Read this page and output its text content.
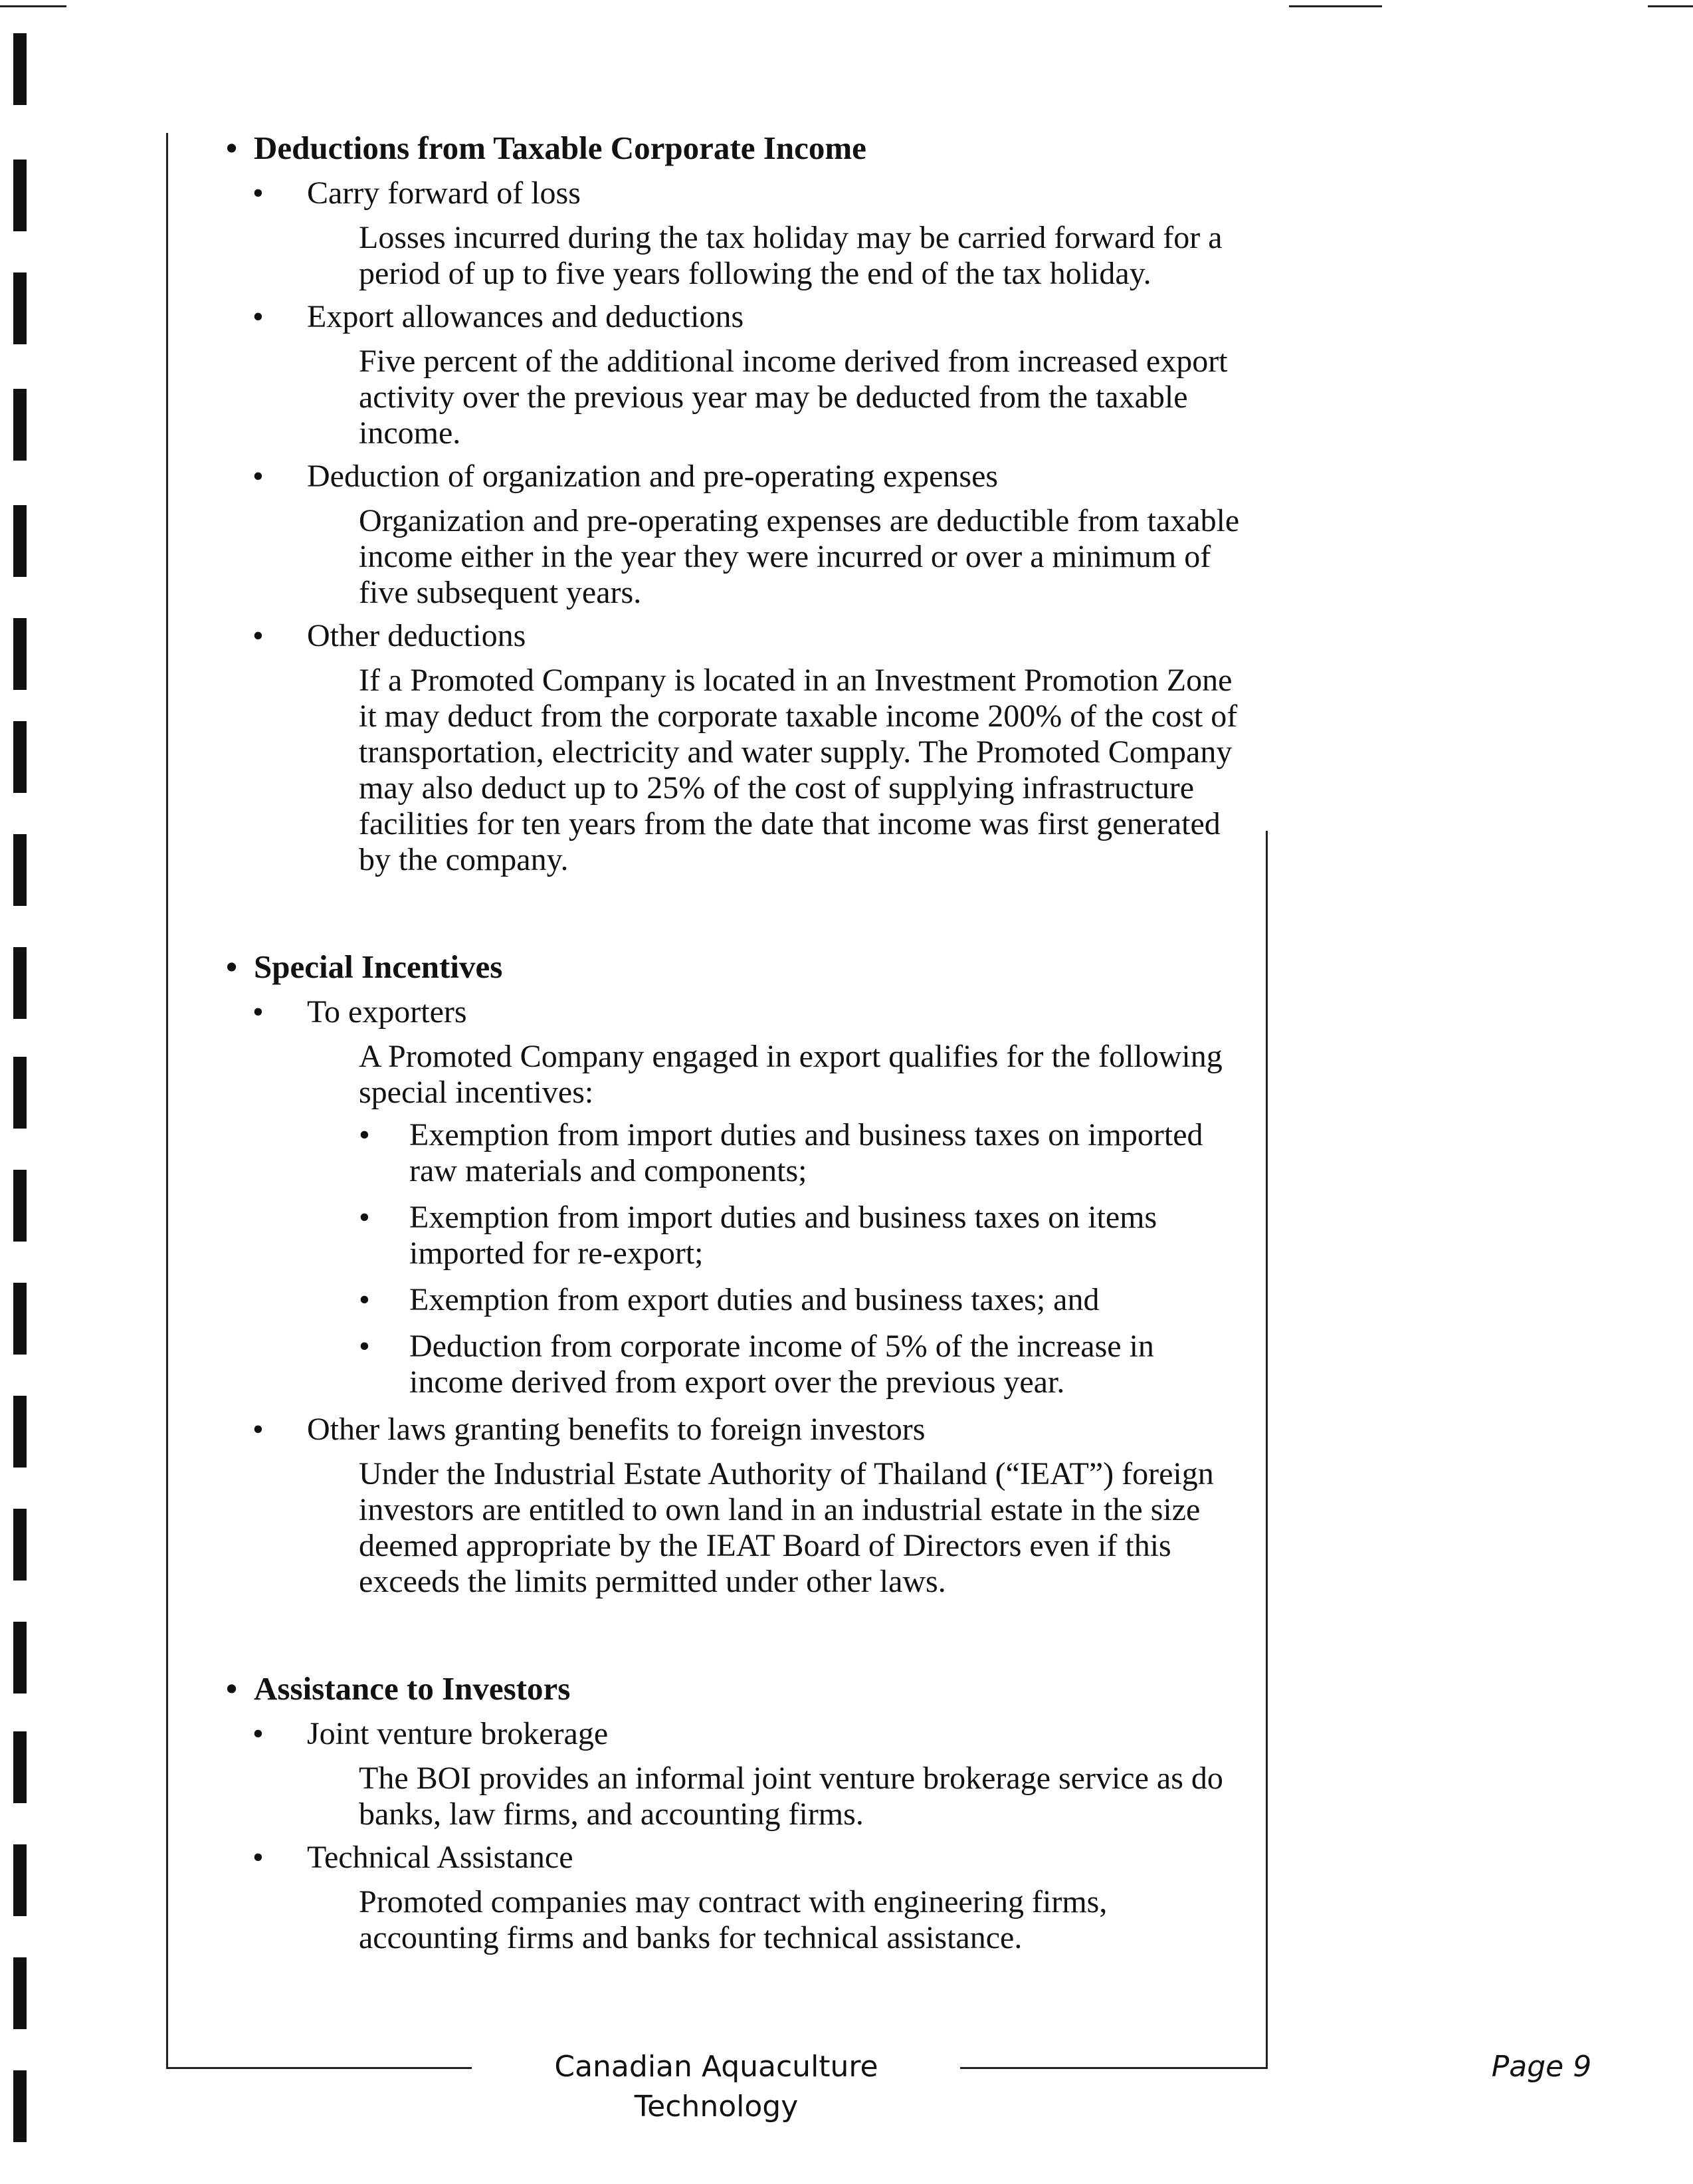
• Deductions from Taxable Corporate Income
• Carry forward of loss

Losses incurred during the tax holiday may be carried forward for a period of up to five years following the end of the tax holiday.

• Export allowances and deductions

Five percent of the additional income derived from increased export activity over the previous year may be deducted from the taxable income.

• Deduction of organization and pre-operating expenses

Organization and pre-operating expenses are deductible from taxable income either in the year they were incurred or over a minimum of five subsequent years.

• Other deductions

If a Promoted Company is located in an Investment Promotion Zone it may deduct from the corporate taxable income 200% of the cost of transportation, electricity and water supply. The Promoted Company may also deduct up to 25% of the cost of supplying infrastructure facilities for ten years from the date that income was first generated by the company.

• Special Incentives
• To exporters

A Promoted Company engaged in export qualifies for the following special incentives:

• Exemption from import duties and business taxes on imported raw materials and components;
• Exemption from import duties and business taxes on items imported for re-export;
• Exemption from export duties and business taxes; and
• Deduction from corporate income of 5% of the increase in income derived from export over the previous year.
• Other laws granting benefits to foreign investors

Under the Industrial Estate Authority of Thailand (“IEAT”) foreign investors are entitled to own land in an industrial estate in the size deemed appropriate by the IEAT Board of Directors even if this exceeds the limits permitted under other laws.

• Assistance to Investors
• Joint venture brokerage

The BOI provides an informal joint venture brokerage service as do banks, law firms, and accounting firms.

• Technical Assistance

Promoted companies may contract with engineering firms, accounting firms and banks for technical assistance.

Canadian Aquaculture Technology
Page 9
